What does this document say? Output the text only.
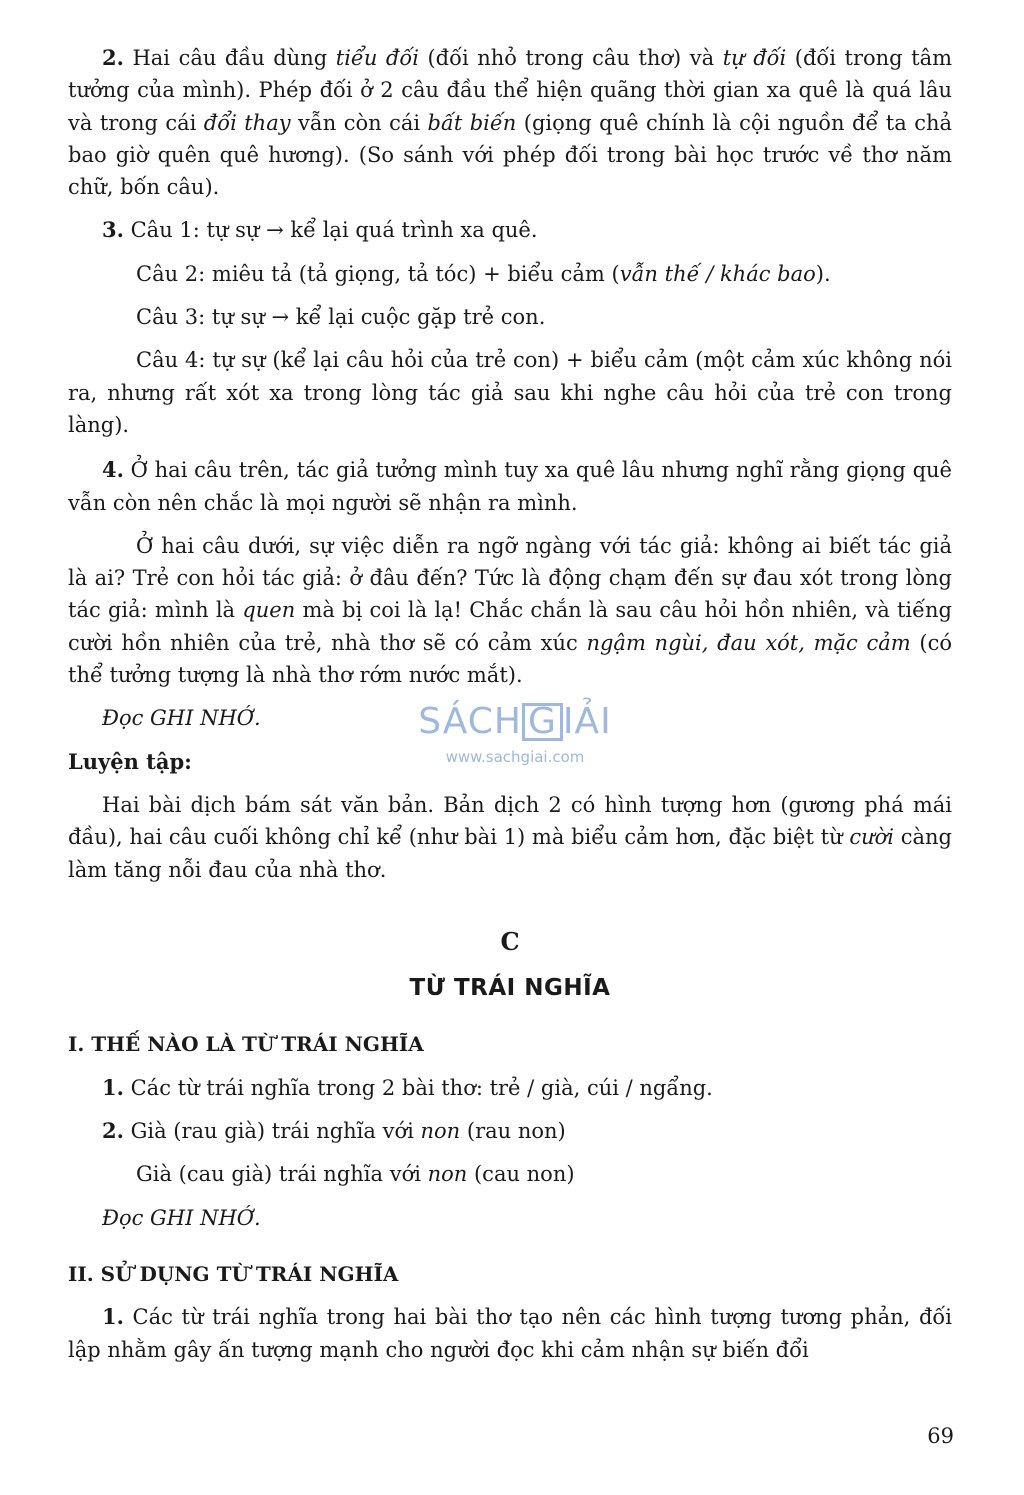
2. Hai câu đầu dùng tiểu đối (đối nhỏ trong câu thơ) và tự đối (đối trong tâm tưởng của mình). Phép đối ở 2 câu đầu thể hiện quãng thời gian xa quê là quá lâu và trong cái đổi thay vẫn còn cái bất biến (giọng quê chính là cội nguồn để ta chả bao giờ quên quê hương). (So sánh với phép đối trong bài học trước về thơ năm chữ, bốn câu).

3. Câu 1: tự sự → kể lại quá trình xa quê.

Câu 2: miêu tả (tả giọng, tả tóc) + biểu cảm (vẫn thế / khác bao).

Câu 3: tự sự → kể lại cuộc gặp trẻ con.

Câu 4: tự sự (kể lại câu hỏi của trẻ con) + biểu cảm (một cảm xúc không nói ra, nhưng rất xót xa trong lòng tác giả sau khi nghe câu hỏi của trẻ con trong làng).

4. Ở hai câu trên, tác giả tưởng mình tuy xa quê lâu nhưng nghĩ rằng giọng quê vẫn còn nên chắc là mọi người sẽ nhận ra mình.

Ở hai câu dưới, sự việc diễn ra ngỡ ngàng với tác giả: không ai biết tác giả là ai? Trẻ con hỏi tác giả: ở đâu đến? Tức là động chạm đến sự đau xót trong lòng tác giả: mình là quen mà bị coi là lạ! Chắc chắn là sau câu hỏi hồn nhiên, và tiếng cười hồn nhiên của trẻ, nhà thơ sẽ có cảm xúc ngậm ngùi, đau xót, mặc cảm (có thể tưởng tượng là nhà thơ rớm nước mắt).

Đọc GHI NHỚ.

Luyện tập:

Hai bài dịch bám sát văn bản. Bản dịch 2 có hình tượng hơn (gương phá mái đầu), hai câu cuối không chỉ kể (như bài 1) mà biểu cảm hơn, đặc biệt từ cười càng làm tăng nỗi đau của nhà thơ.

C
TỪ TRÁI NGHĨA

I. THẾ NÀO LÀ TỪ TRÁI NGHĨA

1. Các từ trái nghĩa trong 2 bài thơ: trẻ / già, cúi / ngẩng.

2. Già (rau già) trái nghĩa với non (rau non)

Già (cau già) trái nghĩa với non (cau non)

Đọc GHI NHỚ.

II. SỬ DỤNG TỪ TRÁI NGHĨA

1. Các từ trái nghĩa trong hai bài thơ tạo nên các hình tượng tương phản, đối lập nhằm gây ấn tượng mạnh cho người đọc khi cảm nhận sự biến đổi

SÁCH G IẢI
www.sachgiai.com
69
